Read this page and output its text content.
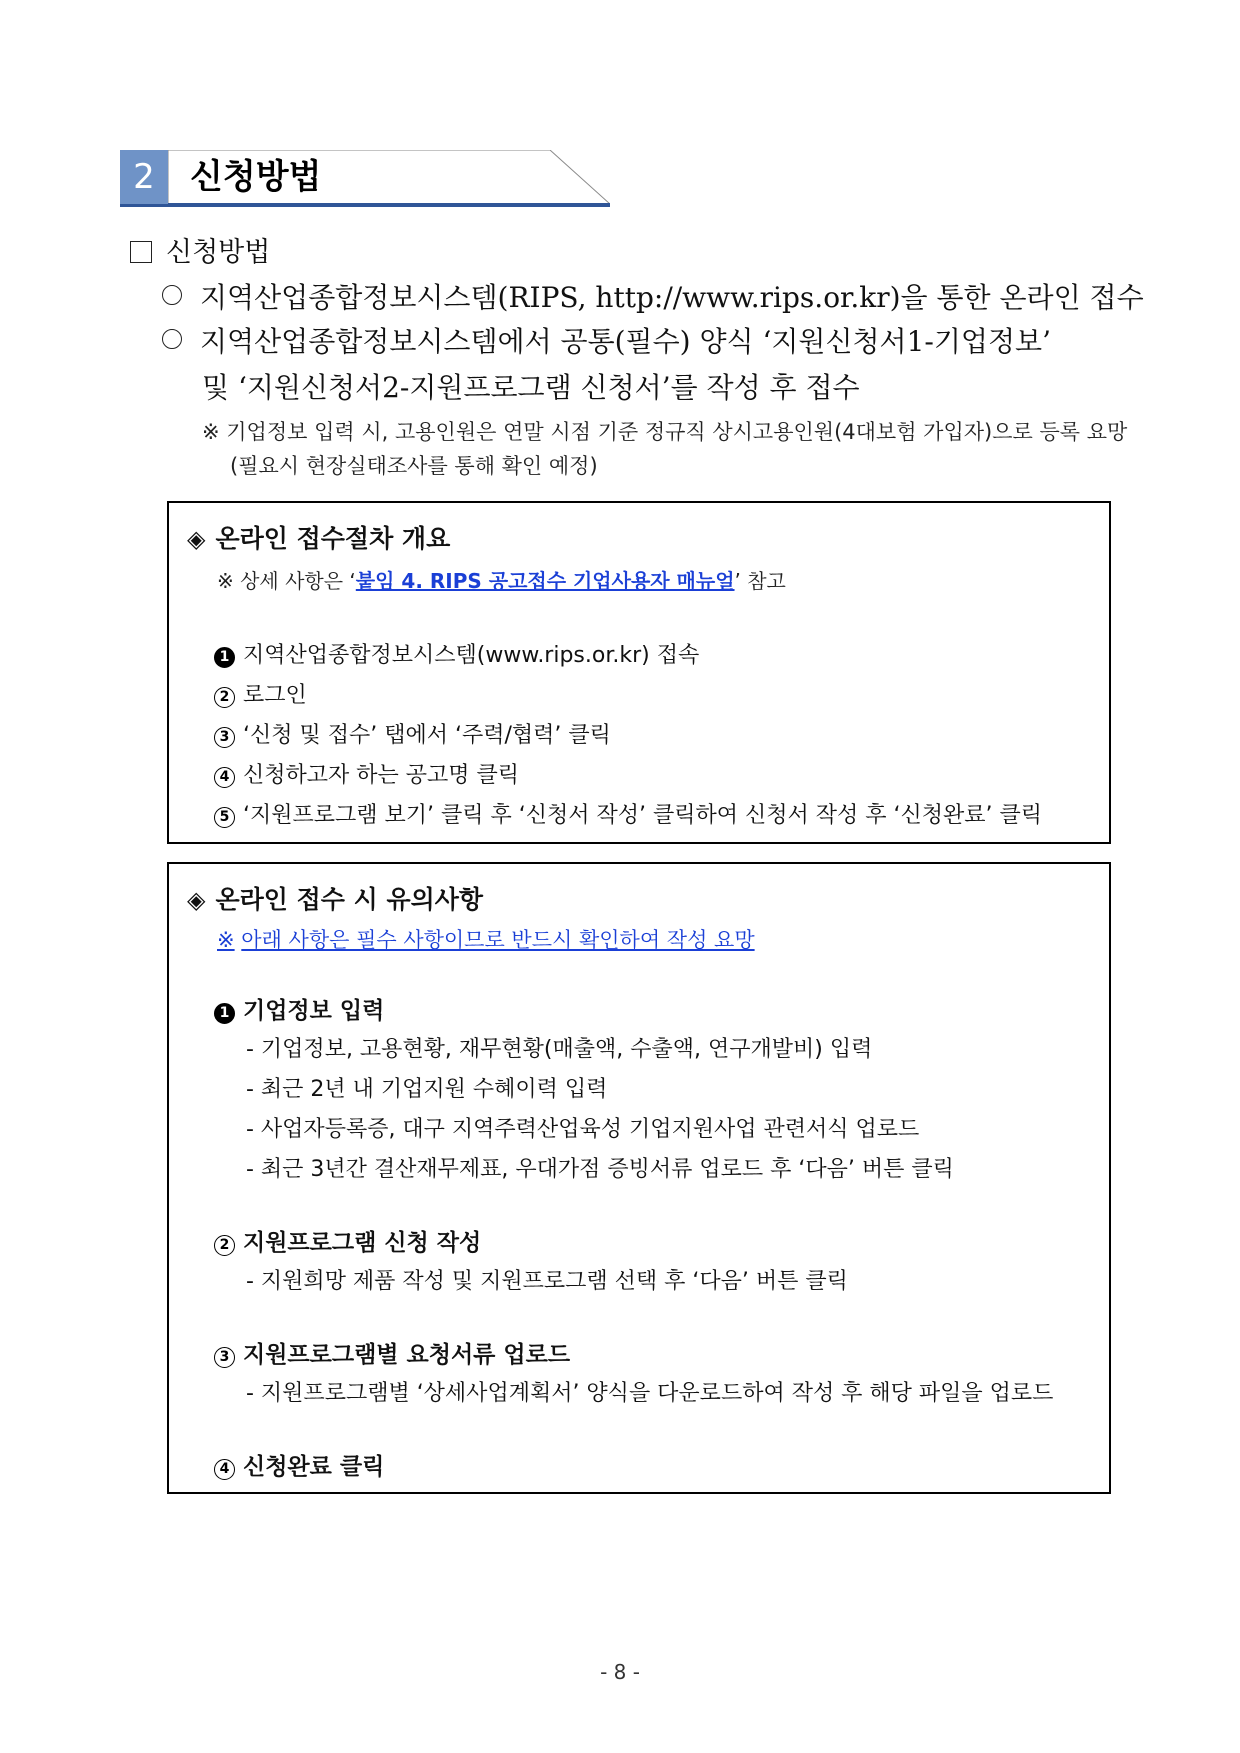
2	신청방법
신청방법
지역산업종합정보시스템(RIPS, http://www.rips.or.kr)을 통한 온라인 접수
지역산업종합정보시스템에서 공통(필수) 양식 ‘지원신청서1-기업정보’
및 ‘지원신청서2-지원프로그램 신청서’를 작성 후 접수
※ 기업정보 입력 시, 고용인원은 연말 시점 기준 정규직 상시고용인원(4대보험 가입자)으로 등록 요망
(필요시 현장실태조사를 통해 확인 예정)
◈ 온라인 접수절차 개요
※ 상세 사항은 ‘붙임 4. RIPS 공고접수 기업사용자 매뉴얼’ 참고
1 지역산업종합정보시스템(www.rips.or.kr) 접속
2 로그인
3 ‘신청 및 접수’ 탭에서 ‘주력/협력’ 클릭
4 신청하고자 하는 공고명 클릭
5 ‘지원프로그램 보기’ 클릭 후 ‘신청서 작성’ 클릭하여 신청서 작성 후 ‘신청완료’ 클릭
◈ 온라인 접수 시 유의사항
※ 아래 사항은 필수 사항이므로 반드시 확인하여 작성 요망
1 기업정보 입력
- 기업정보, 고용현황, 재무현황(매출액, 수출액, 연구개발비) 입력
- 최근 2년 내 기업지원 수혜이력 입력
- 사업자등록증, 대구 지역주력산업육성 기업지원사업 관련서식 업로드
- 최근 3년간 결산재무제표, 우대가점 증빙서류 업로드 후 ‘다음’ 버튼 클릭
2 지원프로그램 신청 작성
- 지원희망 제품 작성 및 지원프로그램 선택 후 ‘다음’ 버튼 클릭
3 지원프로그램별 요청서류 업로드
- 지원프로그램별 ‘상세사업계획서’ 양식을 다운로드하여 작성 후 해당 파일을 업로드
4 신청완료 클릭
- 8 -
